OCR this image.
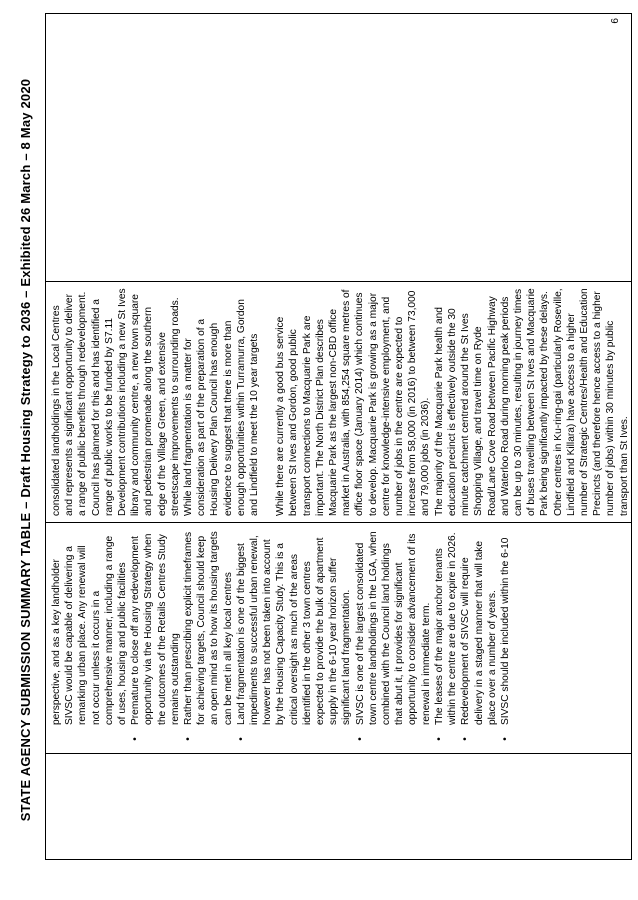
STATE AGENCY SUBMISSION SUMMARY TABLE – Draft Housing Strategy to 2036 – Exhibited 26 March – 8 May 2020
	perspective, and as a key landholder SIVSC would be capable of delivering a remarking urban place. Any renewal will not occur unless it occurs in a comprehensive manner, including a range of uses, housing and public facilities
•
Premature to close off any redevelopment opportunity via the Housing Strategy when the outcomes of the Retails Centres Study remains outstanding
•
Rather than prescribing explicit timeframes for achieving targets, Council should keep an open mind as to how its housing targets can be met in all key local centres
•
Land fragmentation is one of the biggest impediments to successful urban renewal, however has not been taken into account by the Housing Capacity Study. This is a critical oversight as much of the areas identified in the other 3 town centres expected to provide the bulk of apartment supply in the 6-10 year horizon suffer significant land fragmentation.
•
SIVSC is one of the largest consolidated town centre landholdings in the LGA, when combined with the Council land holdings that abut it, it provides for significant opportunity to consider advancement of its renewal in immediate term.
•
The leases of the major anchor tenants within the centre are due to expire in 2026.
•
Redevelopment of SIVSC will require delivery in a staged manner that will take place over a number of years.
•
SIVSC should be included within the 6-10

consolidated landholdings in the Local Centres and represents a significant opportunity to deliver a range of public benefits through redevelopment. Council has planned for this and has identified a range of public works to be funded by S7.11 Development contributions including a new St Ives library and community centre, a new town square and pedestrian promenade along the southern edge of the Village Green, and extensive streetscape improvements to surrounding roads. While land fragmentation is a matter for consideration as part of the preparation of a Housing Delivery Plan Council has enough evidence to suggest that there is more than enough opportunities within Turramurra, Gordon and Lindfield to meet the 10 year targets While there are currently a good bus service between St Ives and Gordon, good public transport connections to Macquarie Park are important. The North District Plan describes Macquarie Park as the largest non-CBD office market in Australia, with 854,254 square metres of office floor space (January 2014) which continues to develop. Macquarie Park is growing as a major centre for knowledge-intensive employment, and number of jobs in the centre are expected to increase from 58,000 (in 2016) to between 73,000 and 79,000 jobs (in 2036). The majority of the Macquarie Park health and education precinct is effectively outside the 30 minute catchment centred around the St Ives Shopping Village, and travel time on Ryde Road/Lane Cove Road between Pacific Highway and Waterloo Road during morning peak periods can be up to 30 minutes, resulting in journey times of buses travelling between St Ives and Macquarie Park being significantly impacted by these delays. Other centres in Ku-ring-gai (particularly Roseville, Lindfield and Killara) have access to a higher number of Strategic Centres/Health and Education Precincts (and therefore hence access to a higher number of jobs) within 30 minutes by public transport than St Ives.

6
